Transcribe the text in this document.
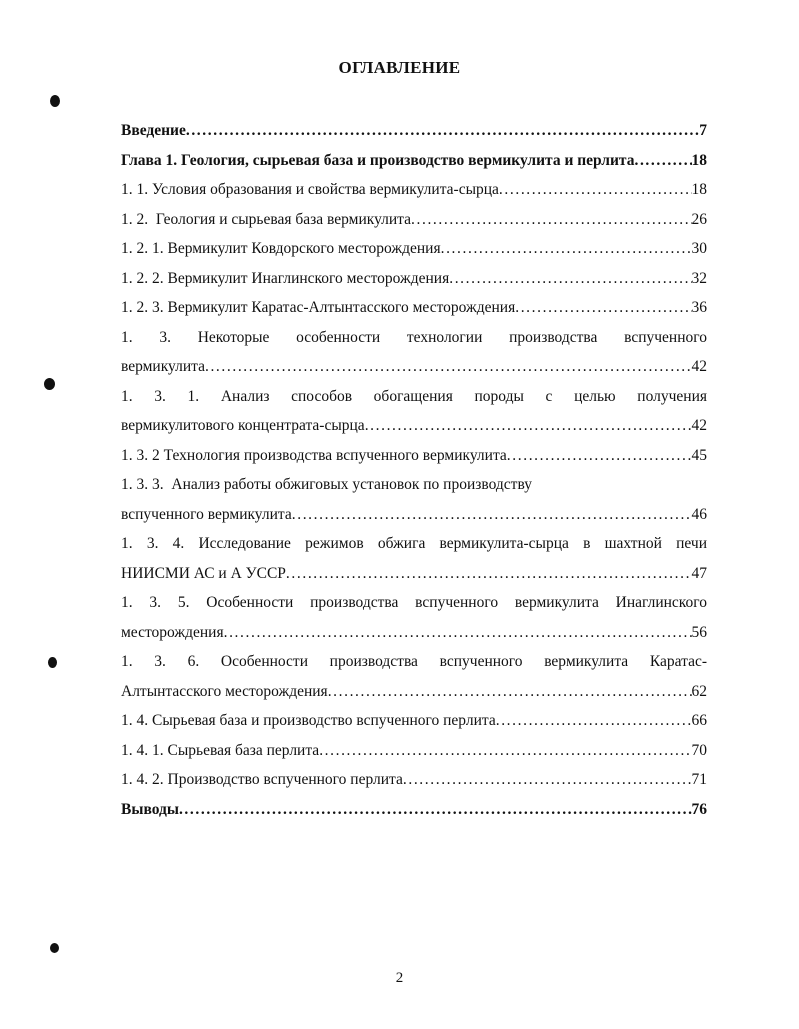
ОГЛАВЛЕНИЕ
Введение .....	7
Глава 1. Геология, сырьевая база и производство вермикулита и перлита .....	18
1. 1. Условия образования и свойства вермикулита-сырца .....	18
1. 2.  Геология и сырьевая база вермикулита .....	26
1. 2. 1. Вермикулит Ковдорского месторождения .....	30
1. 2. 2. Вермикулит Инаглинского месторождения .....	32
1. 2. 3. Вермикулит Каратас-Алтынтасского месторождения .....	36
1. 3. Некоторые особенности технологии производства вспученного
вермикулита .....	42
1. 3. 1. Анализ способов обогащения породы с целью получения
вермикулитового концентрата-сырца .....	42
1. 3. 2 Технология производства вспученного вермикулита .....	45
1. 3. 3.  Анализ работы обжиговых установок по производству
вспученного вермикулита .....	46
1. 3. 4. Исследование режимов обжига вермикулита-сырца в шахтной печи
НИИСМИ АС и А УССР .....	47
1. 3. 5. Особенности производства вспученного вермикулита Инаглинского
месторождения .....	56
1. 3. 6. Особенности производства вспученного вермикулита Каратас-
Алтынтасского месторождения .....	62
1. 4. Сырьевая база и производство вспученного перлита .....	66
1. 4. 1. Сырьевая база перлита .....	70
1. 4. 2. Производство вспученного перлита .....	71
Выводы .....	76
2
